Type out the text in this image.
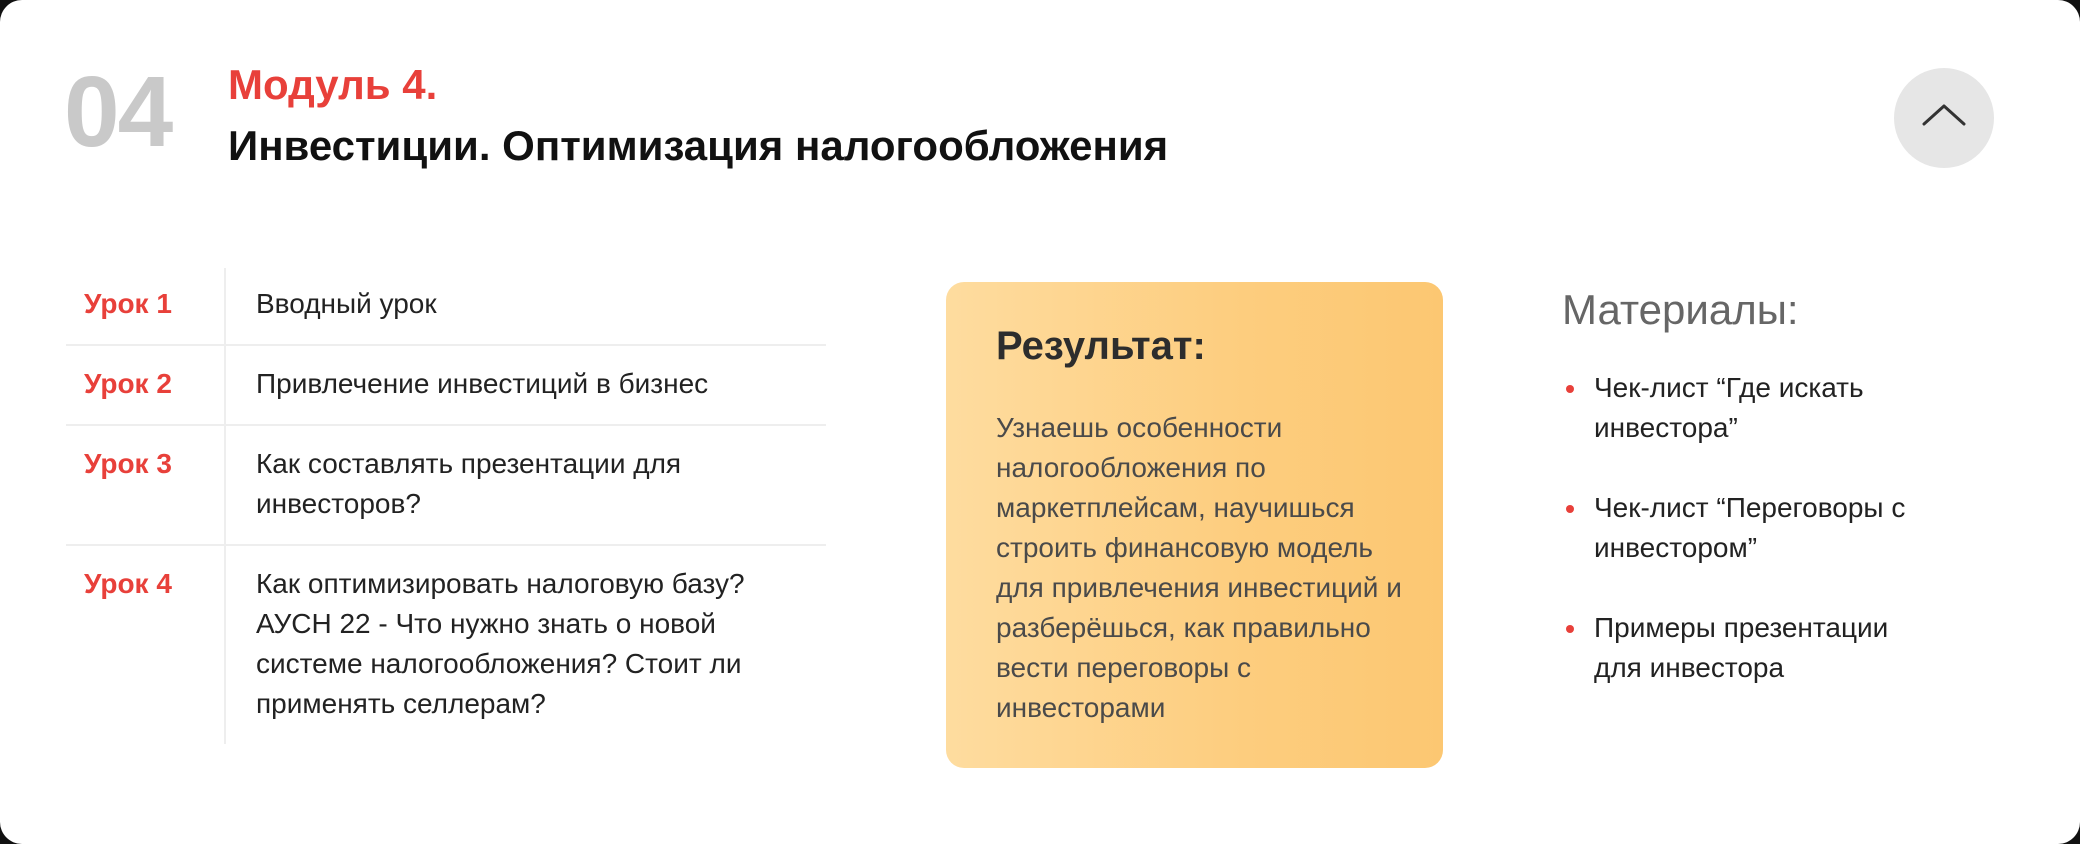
04 Модуль 4.
Инвестиции. Оптимизация налогообложения
Урок 1	Вводный урок
Урок 2	Привлечение инвестиций в бизнес
Урок 3	Как составлять презентации для инвесторов?
Урок 4	Как оптимизировать налоговую базу? АУСН 22 - Что нужно знать о новой системе налогообложения? Стоит ли применять селлерам?
Результат:
Узнаешь особенности налогообложения по маркетплейсам, научишься строить финансовую модель для привлечения инвестиций и разберёшься, как правильно вести переговоры с инвесторами
Материалы:
Чек-лист “Где искать инвестора”
Чек-лист “Переговоры с инвестором”
Примеры презентации для инвестора
